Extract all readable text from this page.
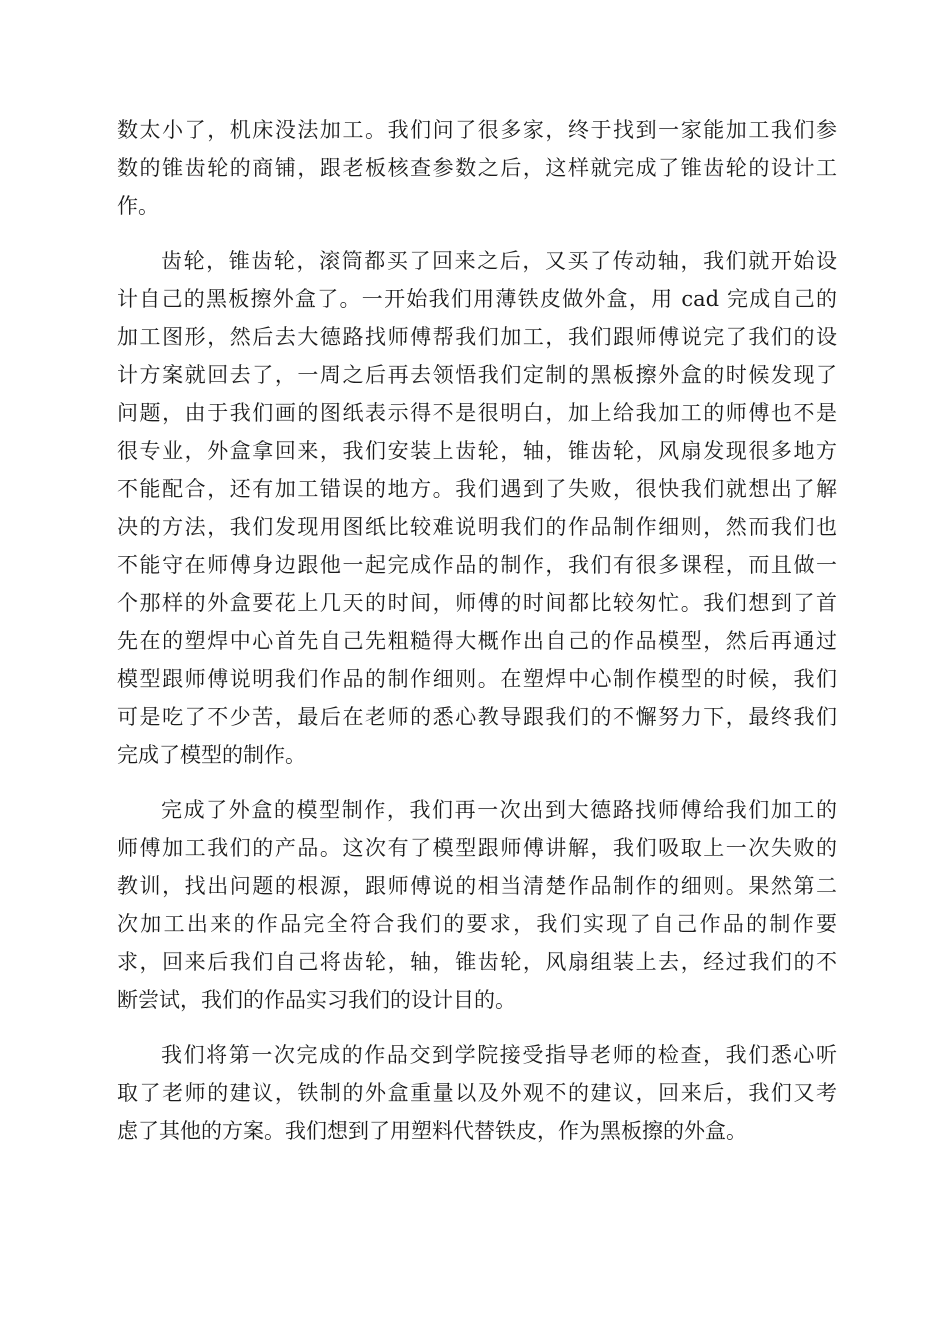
数太小了，机床没法加工。我们问了很多家，终于找到一家能加工我们参
数的锥齿轮的商铺，跟老板核查参数之后，这样就完成了锥齿轮的设计工
作。
齿轮，锥齿轮，滚筒都买了回来之后，又买了传动轴，我们就开始设
计自己的黑板擦外盒了。一开始我们用薄铁皮做外盒，用 cad 完成自己的
加工图形，然后去大德路找师傅帮我们加工，我们跟师傅说完了我们的设
计方案就回去了，一周之后再去领悟我们定制的黑板擦外盒的时候发现了
问题，由于我们画的图纸表示得不是很明白，加上给我加工的师傅也不是
很专业，外盒拿回来，我们安装上齿轮，轴，锥齿轮，风扇发现很多地方
不能配合，还有加工错误的地方。我们遇到了失败，很快我们就想出了解
决的方法，我们发现用图纸比较难说明我们的作品制作细则，然而我们也
不能守在师傅身边跟他一起完成作品的制作，我们有很多课程，而且做一
个那样的外盒要花上几天的时间，师傅的时间都比较匆忙。我们想到了首
先在的塑焊中心首先自己先粗糙得大概作出自己的作品模型，然后再通过
模型跟师傅说明我们作品的制作细则。在塑焊中心制作模型的时候，我们
可是吃了不少苦，最后在老师的悉心教导跟我们的不懈努力下，最终我们
完成了模型的制作。
完成了外盒的模型制作，我们再一次出到大德路找师傅给我们加工的
师傅加工我们的产品。这次有了模型跟师傅讲解，我们吸取上一次失败的
教训，找出问题的根源，跟师傅说的相当清楚作品制作的细则。果然第二
次加工出来的作品完全符合我们的要求，我们实现了自己作品的制作要
求，回来后我们自己将齿轮，轴，锥齿轮，风扇组装上去，经过我们的不
断尝试，我们的作品实习我们的设计目的。
我们将第一次完成的作品交到学院接受指导老师的检查，我们悉心听
取了老师的建议，铁制的外盒重量以及外观不的建议，回来后，我们又考
虑了其他的方案。我们想到了用塑料代替铁皮，作为黑板擦的外盒。
